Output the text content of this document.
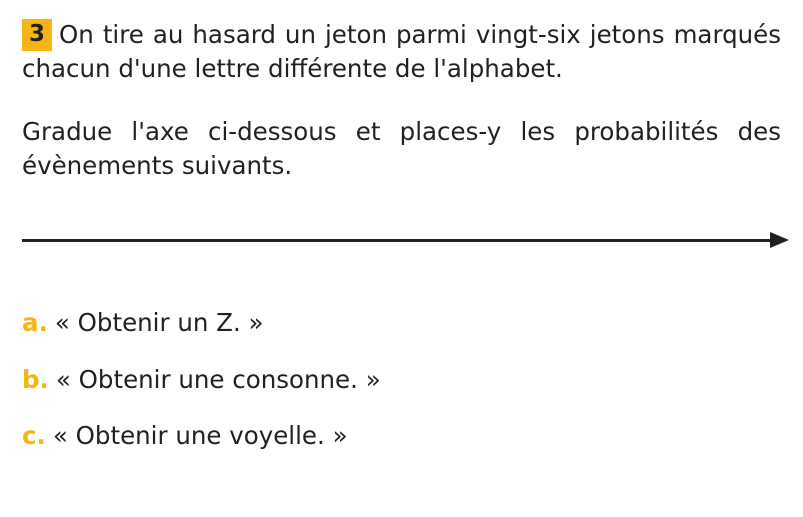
3 On tire au hasard un jeton parmi vingt-six jetons marqués chacun d'une lettre différente de l'alphabet.

Gradue l'axe ci-dessous et places-y les probabilités des évènements suivants.

a. « Obtenir un Z. »
b. « Obtenir une consonne. »
c. « Obtenir une voyelle. »
